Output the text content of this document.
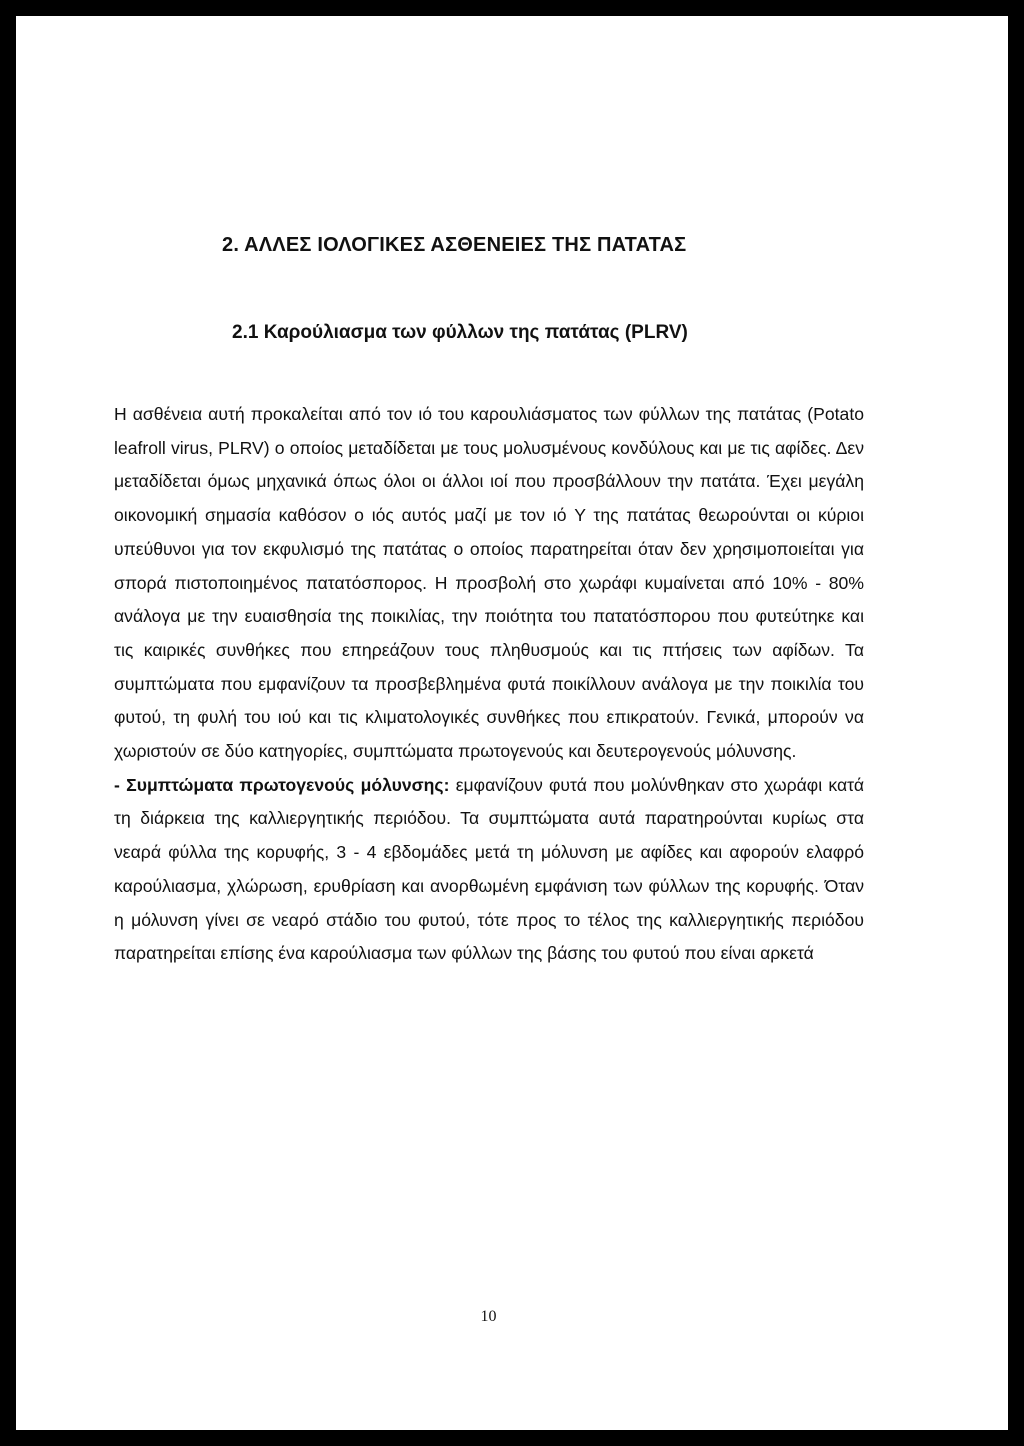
2. ΑΛΛΕΣ ΙΟΛΟΓΙΚΕΣ ΑΣΘΕΝΕΙΕΣ ΤΗΣ ΠΑΤΑΤΑΣ
2.1 Καρούλιασμα των φύλλων της πατάτας (PLRV)

Η ασθένεια αυτή προκαλείται από τον ιό του καρουλιάσματος των φύλλων της πατάτας (Potato leafroll virus, PLRV) ο οποίος μεταδίδεται με τους μολυσμένους κονδύλους και με τις αφίδες. Δεν μεταδίδεται όμως μηχανικά όπως όλοι οι άλλοι ιοί που προσβάλλουν την πατάτα. Έχει μεγάλη οικονομική σημασία καθόσον ο ιός αυτός μαζί με τον ιό Y της πατάτας θεωρούνται οι κύριοι υπεύθυνοι για τον εκφυλισμό της πατάτας ο οποίος παρατηρείται όταν δεν χρησιμοποιείται για σπορά πιστοποιημένος πατατόσπορος. Η προσβολή στο χωράφι κυμαίνεται από 10% - 80% ανάλογα με την ευαισθησία της ποικιλίας, την ποιότητα του πατατόσπορου που φυτεύτηκε και τις καιρικές συνθήκες που επηρεάζουν τους πληθυσμούς και τις πτήσεις των αφίδων. Τα συμπτώματα που εμφανίζουν τα προσβεβλημένα φυτά ποικίλλουν ανάλογα με την ποικιλία του φυτού, τη φυλή του ιού και τις κλιματολογικές συνθήκες που επικρατούν. Γενικά, μπορούν να χωριστούν σε δύο κατηγορίες, συμπτώματα πρωτογενούς και δευτερογενούς μόλυνσης.

- Συμπτώματα πρωτογενούς μόλυνσης: εμφανίζουν φυτά που μολύνθηκαν στο χωράφι κατά τη διάρκεια της καλλιεργητικής περιόδου. Τα συμπτώματα αυτά παρατηρούνται κυρίως στα νεαρά φύλλα της κορυφής, 3 - 4 εβδομάδες μετά τη μόλυνση με αφίδες και αφορούν ελαφρό καρούλιασμα, χλώρωση, ερυθρίαση και ανορθωμένη εμφάνιση των φύλλων της κορυφής. Όταν η μόλυνση γίνει σε νεαρό στάδιο του φυτού, τότε προς το τέλος της καλλιεργητικής περιόδου παρατηρείται επίσης ένα καρούλιασμα των φύλλων της βάσης του φυτού που είναι αρκετά

10
